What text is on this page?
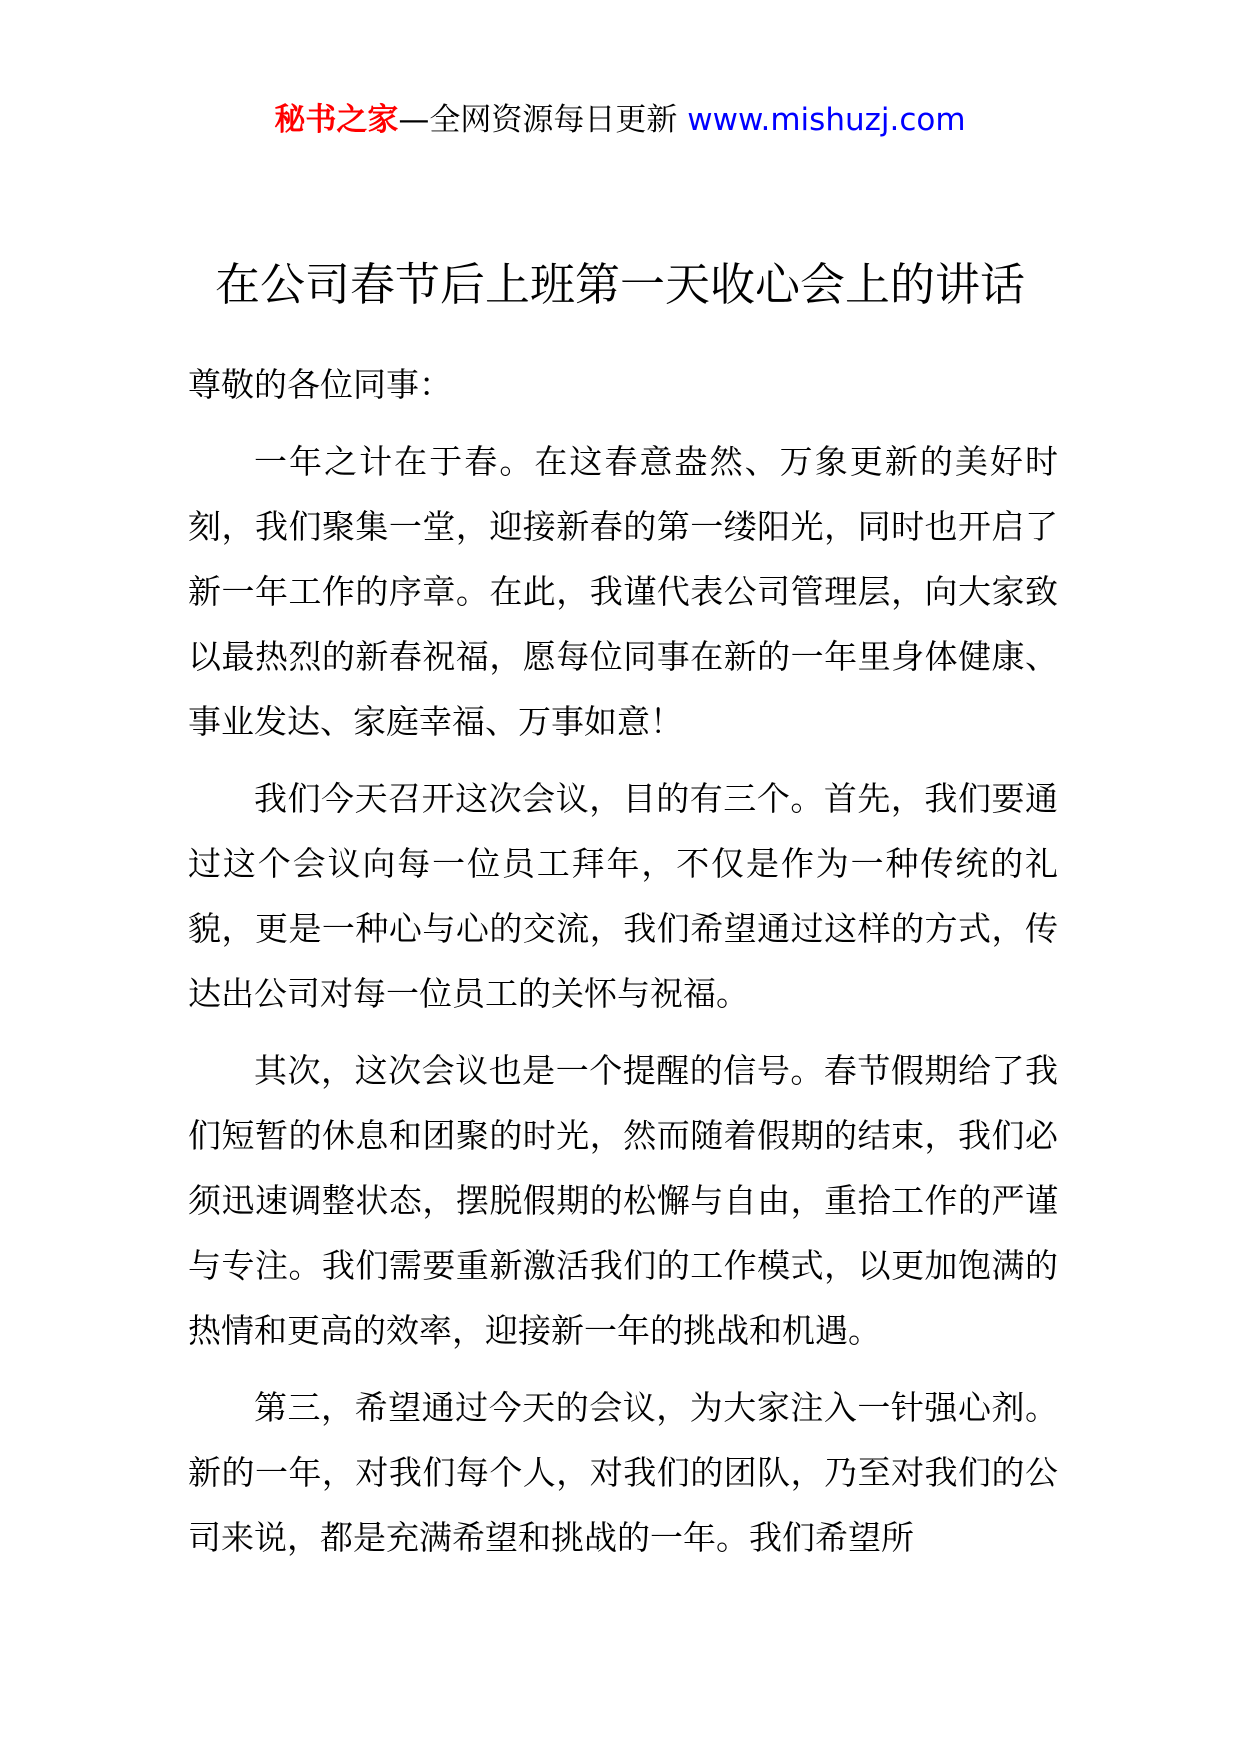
秘书之家—全网资源每日更新 www.mishuzj.com
在公司春节后上班第一天收心会上的讲话

尊敬的各位同事：

一年之计在于春。在这春意盎然、万象更新的美好时刻，我们聚集一堂，迎接新春的第一缕阳光，同时也开启了新一年工作的序章。在此，我谨代表公司管理层，向大家致以最热烈的新春祝福，愿每位同事在新的一年里身体健康、事业发达、家庭幸福、万事如意！

我们今天召开这次会议，目的有三个。首先，我们要通过这个会议向每一位员工拜年，不仅是作为一种传统的礼貌，更是一种心与心的交流，我们希望通过这样的方式，传达出公司对每一位员工的关怀与祝福。

其次，这次会议也是一个提醒的信号。春节假期给了我们短暂的休息和团聚的时光，然而随着假期的结束，我们必须迅速调整状态，摆脱假期的松懈与自由，重拾工作的严谨与专注。我们需要重新激活我们的工作模式，以更加饱满的热情和更高的效率，迎接新一年的挑战和机遇。

第三，希望通过今天的会议，为大家注入一针强心剂。新的一年，对我们每个人，对我们的团队，乃至对我们的公司来说，都是充满希望和挑战的一年。我们希望所
